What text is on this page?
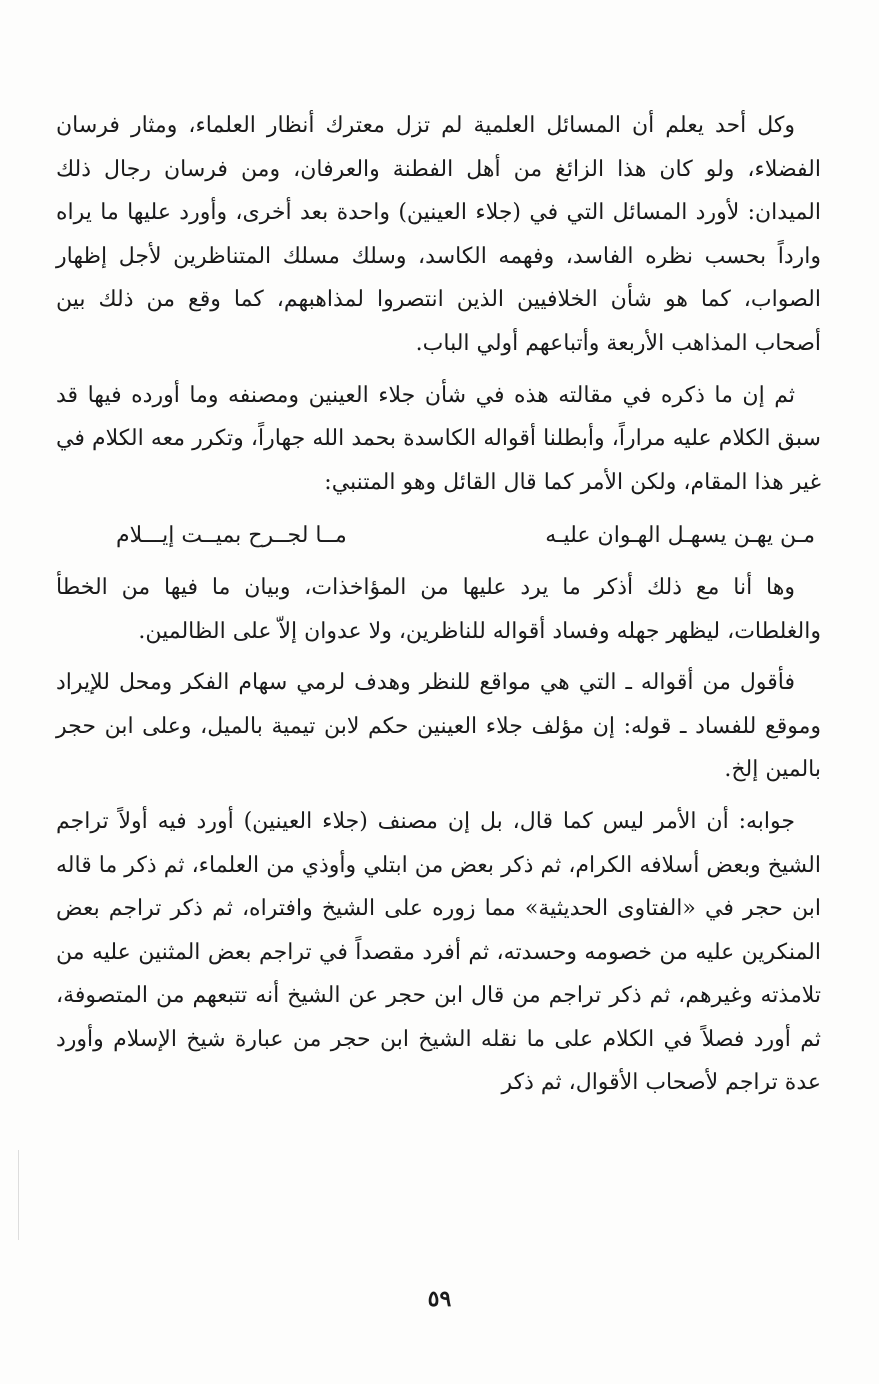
وكل أحد يعلم أن المسائل العلمية لم تزل معترك أنظار العلماء، ومثار فرسان الفضلاء، ولو كان هذا الزائغ من أهل الفطنة والعرفان، ومن فرسان رجال ذلك الميدان: لأورد المسائل التي في (جلاء العينين) واحدة بعد أخرى، وأورد عليها ما يراه وارداً بحسب نظره الفاسد، وفهمه الكاسد، وسلك مسلك المتناظرين لأجل إظهار الصواب، كما هو شأن الخلافيين الذين انتصروا لمذاهبهم، كما وقع من ذلك بين أصحاب المذاهب الأربعة وأتباعهم أولي الباب.

ثم إن ما ذكره في مقالته هذه في شأن جلاء العينين ومصنفه وما أورده فيها قد سبق الكلام عليه مراراً، وأبطلنا أقواله الكاسدة بحمد الله جهاراً، وتكرر معه الكلام في غير هذا المقام، ولكن الأمر كما قال القائل وهو المتنبي:

مـن يهـن يسهـل الهـوان عليـه
مــا لجــرح بميــت إيـــلام

وها أنا مع ذلك أذكر ما يرد عليها من المؤاخذات، وبيان ما فيها من الخطأ والغلطات، ليظهر جهله وفساد أقواله للناظرين، ولا عدوان إلاّ على الظالمين.

فأقول من أقواله ـ التي هي مواقع للنظر وهدف لرمي سهام الفكر ومحل للإيراد وموقع للفساد ـ قوله: إن مؤلف جلاء العينين حكم لابن تيمية بالميل، وعلى ابن حجر بالمين إلخ.

جوابه: أن الأمر ليس كما قال، بل إن مصنف (جلاء العينين) أورد فيه أولاً تراجم الشيخ وبعض أسلافه الكرام، ثم ذكر بعض من ابتلي وأوذي من العلماء، ثم ذكر ما قاله ابن حجر في «الفتاوى الحديثية» مما زوره على الشيخ وافتراه، ثم ذكر تراجم بعض المنكرين عليه من خصومه وحسدته، ثم أفرد مقصداً في تراجم بعض المثنين عليه من تلامذته وغيرهم، ثم ذكر تراجم من قال ابن حجر عن الشيخ أنه تتبعهم من المتصوفة، ثم أورد فصلاً في الكلام على ما نقله الشيخ ابن حجر من عبارة شيخ الإسلام وأورد عدة تراجم لأصحاب الأقوال، ثم ذكر

٥٩
